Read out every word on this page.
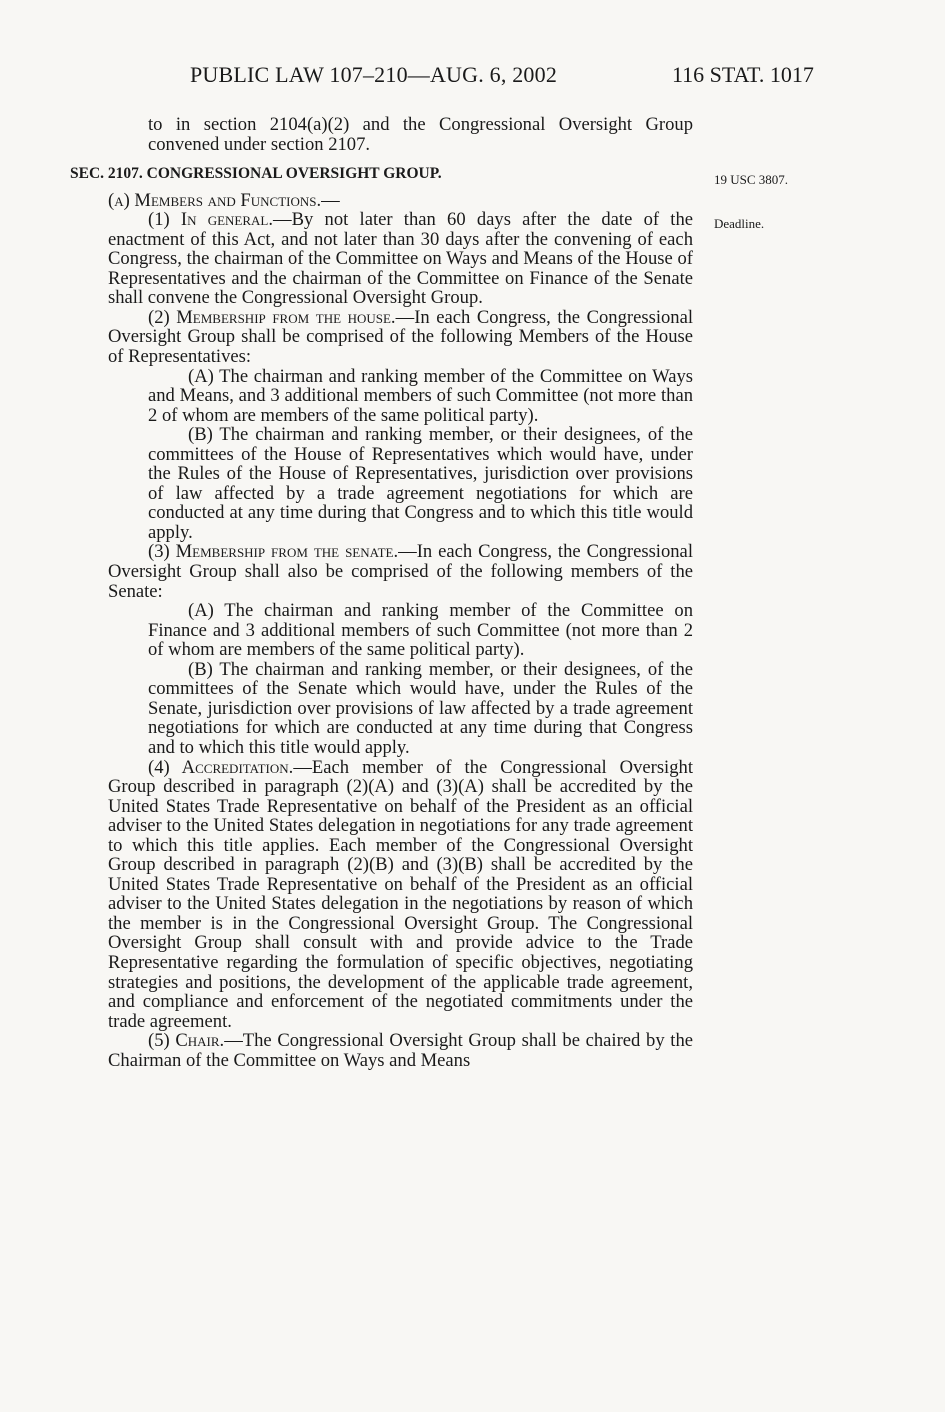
PUBLIC LAW 107–210—AUG. 6, 2002	116 STAT. 1017
19 USC 3807.
Deadline.

to in section 2104(a)(2) and the Congressional Oversight Group convened under section 2107.

SEC. 2107. CONGRESSIONAL OVERSIGHT GROUP.

(a) Members and Functions.—

(1) In general.—By not later than 60 days after the date of the enactment of this Act, and not later than 30 days after the convening of each Congress, the chairman of the Committee on Ways and Means of the House of Representatives and the chairman of the Committee on Finance of the Senate shall convene the Congressional Oversight Group.

(2) Membership from the house.—In each Congress, the Congressional Oversight Group shall be comprised of the following Members of the House of Representatives:

(A) The chairman and ranking member of the Committee on Ways and Means, and 3 additional members of such Committee (not more than 2 of whom are members of the same political party).

(B) The chairman and ranking member, or their designees, of the committees of the House of Representatives which would have, under the Rules of the House of Representatives, jurisdiction over provisions of law affected by a trade agreement negotiations for which are conducted at any time during that Congress and to which this title would apply.

(3) Membership from the senate.—In each Congress, the Congressional Oversight Group shall also be comprised of the following members of the Senate:

(A) The chairman and ranking member of the Committee on Finance and 3 additional members of such Committee (not more than 2 of whom are members of the same political party).

(B) The chairman and ranking member, or their designees, of the committees of the Senate which would have, under the Rules of the Senate, jurisdiction over provisions of law affected by a trade agreement negotiations for which are conducted at any time during that Congress and to which this title would apply.

(4) Accreditation.—Each member of the Congressional Oversight Group described in paragraph (2)(A) and (3)(A) shall be accredited by the United States Trade Representative on behalf of the President as an official adviser to the United States delegation in negotiations for any trade agreement to which this title applies. Each member of the Congressional Oversight Group described in paragraph (2)(B) and (3)(B) shall be accredited by the United States Trade Representative on behalf of the President as an official adviser to the United States delegation in the negotiations by reason of which the member is in the Congressional Oversight Group. The Congressional Oversight Group shall consult with and provide advice to the Trade Representative regarding the formulation of specific objectives, negotiating strategies and positions, the development of the applicable trade agreement, and compliance and enforcement of the negotiated commitments under the trade agreement.

(5) Chair.—The Congressional Oversight Group shall be chaired by the Chairman of the Committee on Ways and Means
